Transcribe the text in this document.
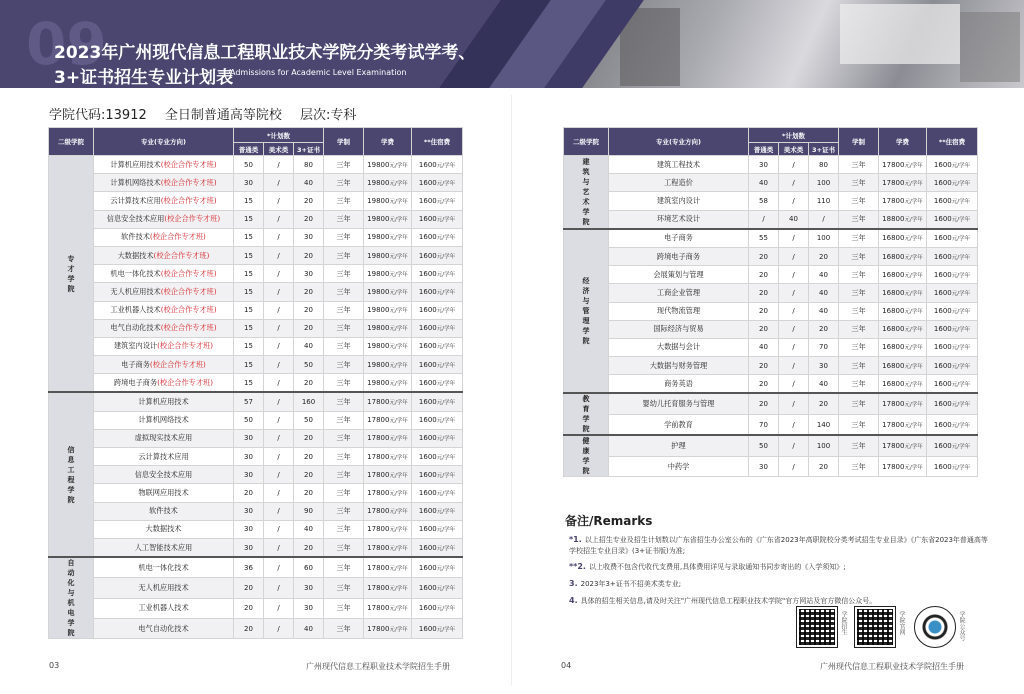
09
2023年广州现代信息工程职业技术学院分类考试学考、
3+证书招生专业计划表
Admissions for Academic Level Examination
学院代码:13912 全日制普通高等院校 层次:专科
二级学院	专业(专业方向)	*计划数			学制	学费	**住宿费
		普通类	美术类	3+证书			
专才学院	计算机应用技术(校企合作专才班)	50	/	80	三年	19800元/学年	1600元/学年
	计算机网络技术(校企合作专才班)	30	/	40	三年	19800元/学年	1600元/学年
	云计算技术应用(校企合作专才班)	15	/	20	三年	19800元/学年	1600元/学年
	信息安全技术应用(校企合作专才班)	15	/	20	三年	19800元/学年	1600元/学年
	软件技术(校企合作专才班)	15	/	30	三年	19800元/学年	1600元/学年
	大数据技术(校企合作专才班)	15	/	20	三年	19800元/学年	1600元/学年
	机电一体化技术(校企合作专才班)	15	/	30	三年	19800元/学年	1600元/学年
	无人机应用技术(校企合作专才班)	15	/	20	三年	19800元/学年	1600元/学年
	工业机器人技术(校企合作专才班)	15	/	20	三年	19800元/学年	1600元/学年
	电气自动化技术(校企合作专才班)	15	/	20	三年	19800元/学年	1600元/学年
	建筑室内设计(校企合作专才班)	15	/	40	三年	19800元/学年	1600元/学年
	电子商务(校企合作专才班)	15	/	50	三年	19800元/学年	1600元/学年
	跨境电子商务(校企合作专才班)	15	/	20	三年	19800元/学年	1600元/学年
信息工程学院	计算机应用技术	57	/	160	三年	17800元/学年	1600元/学年
	计算机网络技术	50	/	50	三年	17800元/学年	1600元/学年
	虚拟现实技术应用	30	/	20	三年	17800元/学年	1600元/学年
	云计算技术应用	30	/	20	三年	17800元/学年	1600元/学年
	信息安全技术应用	30	/	20	三年	17800元/学年	1600元/学年
	物联网应用技术	20	/	20	三年	17800元/学年	1600元/学年
	软件技术	30	/	90	三年	17800元/学年	1600元/学年
	大数据技术	30	/	40	三年	17800元/学年	1600元/学年
	人工智能技术应用	30	/	20	三年	17800元/学年	1600元/学年
自动化与机电学院	机电一体化技术	36	/	60	三年	17800元/学年	1600元/学年
	无人机应用技术	20	/	30	三年	17800元/学年	1600元/学年
	工业机器人技术	20	/	30	三年	17800元/学年	1600元/学年
	电气自动化技术	20	/	40	三年	17800元/学年	1600元/学年
二级学院	专业(专业方向)	*计划数			学制	学费	**住宿费
		普通类	美术类	3+证书			
建筑与艺术学院	建筑工程技术	30	/	80	三年	17800元/学年	1600元/学年
	工程造价	40	/	100	三年	17800元/学年	1600元/学年
	建筑室内设计	58	/	110	三年	17800元/学年	1600元/学年
	环境艺术设计	/	40	/	三年	18800元/学年	1600元/学年
经济与管理学院	电子商务	55	/	100	三年	16800元/学年	1600元/学年
	跨境电子商务	20	/	20	三年	16800元/学年	1600元/学年
	会展策划与管理	20	/	40	三年	16800元/学年	1600元/学年
	工商企业管理	20	/	40	三年	16800元/学年	1600元/学年
	现代物流管理	20	/	40	三年	16800元/学年	1600元/学年
	国际经济与贸易	20	/	20	三年	16800元/学年	1600元/学年
	大数据与会计	40	/	70	三年	16800元/学年	1600元/学年
	大数据与财务管理	20	/	30	三年	16800元/学年	1600元/学年
	商务英语	20	/	40	三年	16800元/学年	1600元/学年
教育学院	婴幼儿托育服务与管理	20	/	20	三年	17800元/学年	1600元/学年
	学前教育	70	/	140	三年	17800元/学年	1600元/学年
健康学院	护理	50	/	100	三年	17800元/学年	1600元/学年
	中药学	30	/	20	三年	17800元/学年	1600元/学年
备注/Remarks
*1. 以上招生专业及招生计划数以广东省招生办公室公布的《广东省2023年高职院校分类考试招生专业目录》《广东省2023年普通高等学校招生专业目录》(3+证书版)为准;
**2. 以上收费不包含代收代支费用,具体费用详见与录取通知书同步寄出的《入学须知》;
3. 2023年3+证书不招美术类专业;
4. 具体的招生相关信息,请及时关注"广州现代信息工程职业技术学院"官方网站及官方微信公众号。
学院招生	学院官网	学院公众号
03	广州现代信息工程职业技术学院招生手册	04	广州现代信息工程职业技术学院招生手册
